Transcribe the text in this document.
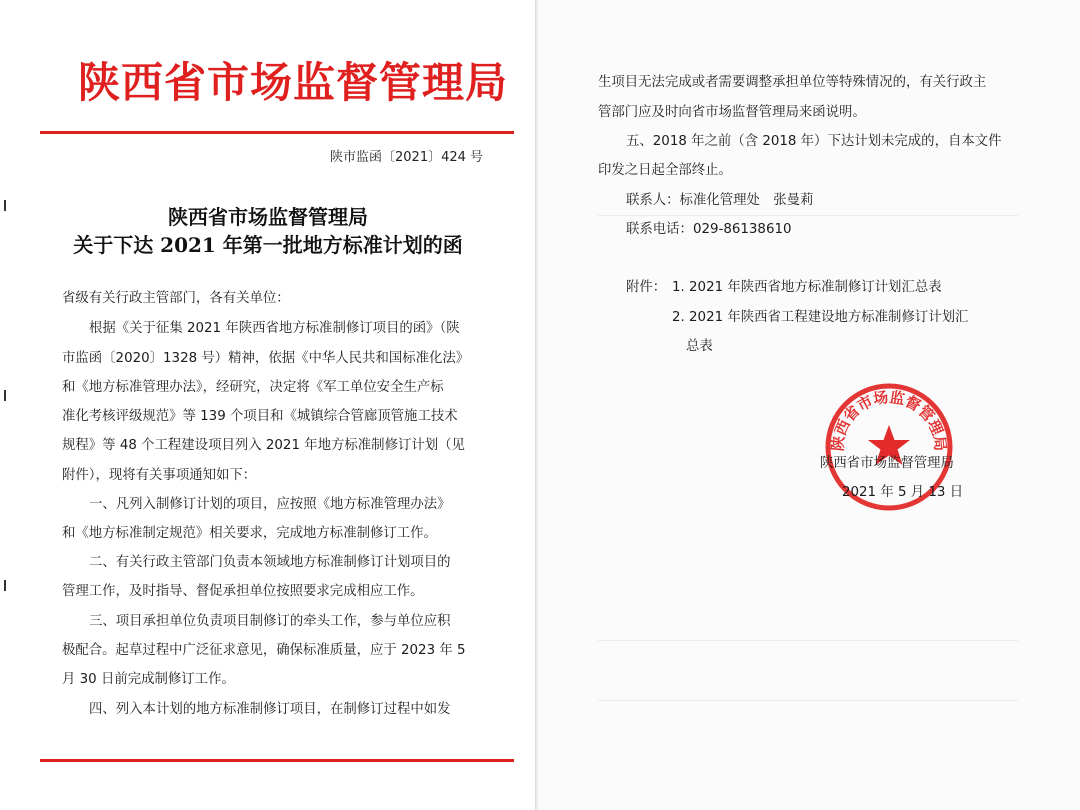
陕西省市场监督管理局
陕市监函〔2021〕424 号
陕西省市场监督管理局
关于下达 2021 年第一批地方标准计划的函
省级有关行政主管部门，各有关单位：
根据《关于征集 2021 年陕西省地方标准制修订项目的函》（陕
市监函〔2020〕1328 号）精神，依据《中华人民共和国标准化法》
和《地方标准管理办法》，经研究，决定将《军工单位安全生产标
准化考核评级规范》等 139 个项目和《城镇综合管廊顶管施工技术
规程》等 48 个工程建设项目列入 2021 年地方标准制修订计划（见
附件），现将有关事项通知如下：
一、凡列入制修订计划的项目，应按照《地方标准管理办法》
和《地方标准制定规范》相关要求，完成地方标准制修订工作。
二、有关行政主管部门负责本领域地方标准制修订计划项目的
管理工作，及时指导、督促承担单位按照要求完成相应工作。
三、项目承担单位负责项目制修订的牵头工作，参与单位应积
极配合。起草过程中广泛征求意见，确保标准质量，应于 2023 年 5
月 30 日前完成制修订工作。
四、列入本计划的地方标准制修订项目，在制修订过程中如发
生项目无法完成或者需要调整承担单位等特殊情况的，有关行政主
管部门应及时向省市场监督管理局来函说明。
五、2018 年之前（含 2018 年）下达计划未完成的，自本文件
印发之日起全部终止。
联系人：标准化管理处　张曼莉
联系电话：029-86138610
附件： 1. 2021 年陕西省地方标准制修订计划汇总表
2. 2021 年陕西省工程建设地方标准制修订计划汇
总表
陕西省市场监督管理局
陕西省市场监督管理局
2021 年 5 月 13 日
